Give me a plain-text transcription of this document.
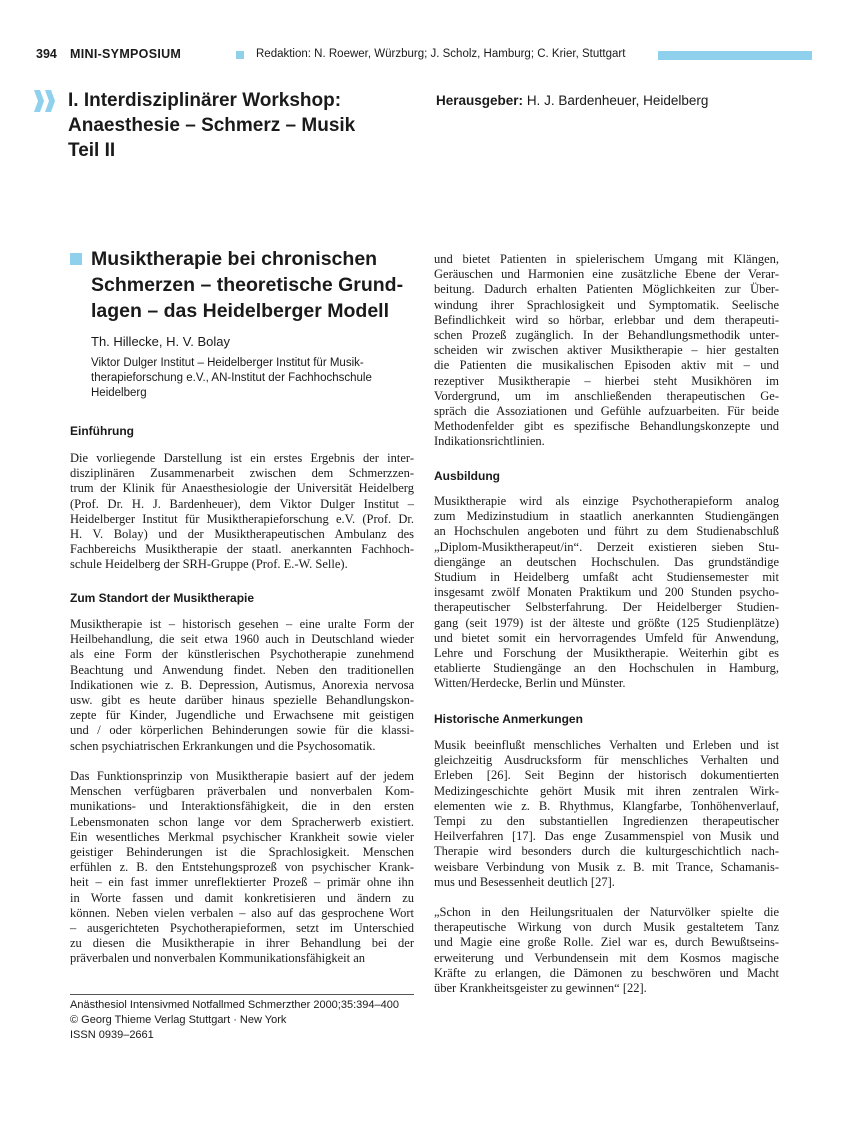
394 MINI-SYMPOSIUM	Redaktion: N. Roewer, Würzburg; J. Scholz, Hamburg; C. Krier, Stuttgart
I. Interdisziplinärer Workshop:
Anaesthesie – Schmerz – Musik
Teil II
Herausgeber: H. J. Bardenheuer, Heidelberg
Musiktherapie bei chronischen
Schmerzen – theoretische Grund-
lagen – das Heidelberger Modell
Th. Hillecke, H. V. Bolay
Viktor Dulger Institut – Heidelberger Institut für Musik-
therapieforschung e.V., AN-Institut der Fachhochschule
Heidelberg

Einführung

Die vorliegende Darstellung ist ein erstes Ergebnis der inter-
disziplinären Zusammenarbeit zwischen dem Schmerzzen-
trum der Klinik für Anaesthesiologie der Universität Heidelberg
(Prof. Dr. H. J. Bardenheuer), dem Viktor Dulger Institut –
Heidelberger Institut für Musiktherapieforschung e.V. (Prof. Dr.
H. V. Bolay) und der Musiktherapeutischen Ambulanz des
Fachbereichs Musiktherapie der staatl. anerkannten Fachhoch-
schule Heidelberg der SRH-Gruppe (Prof. E.-W. Selle).

Zum Standort der Musiktherapie

Musiktherapie ist – historisch gesehen – eine uralte Form der
Heilbehandlung, die seit etwa 1960 auch in Deutschland wieder
als eine Form der künstlerischen Psychotherapie zunehmend
Beachtung und Anwendung findet. Neben den traditionellen
Indikationen wie z. B. Depression, Autismus, Anorexia nervosa
usw. gibt es heute darüber hinaus spezielle Behandlungskon-
zepte für Kinder, Jugendliche und Erwachsene mit geistigen
und / oder körperlichen Behinderungen sowie für die klassi-
schen psychiatrischen Erkrankungen und die Psychosomatik.
Das Funktionsprinzip von Musiktherapie basiert auf der jedem
Menschen verfügbaren präverbalen und nonverbalen Kom-
munikations- und Interaktionsfähigkeit, die in den ersten
Lebensmonaten schon lange vor dem Spracherwerb existiert.
Ein wesentliches Merkmal psychischer Krankheit sowie vieler
geistiger Behinderungen ist die Sprachlosigkeit. Menschen
erfühlen z. B. den Entstehungsprozeß von psychischer Krank-
heit – ein fast immer unreflektierter Prozeß – primär ohne ihn
in Worte fassen und damit konkretisieren und ändern zu
können. Neben vielen verbalen – also auf das gesprochene Wort
– ausgerichteten Psychotherapieformen, setzt im Unterschied
zu diesen die Musiktherapie in ihrer Behandlung bei der
präverbalen und nonverbalen Kommunikationsfähigkeit an
Anästhesiol Intensivmed Notfallmed Schmerzther 2000;35:394–400
© Georg Thieme Verlag Stuttgart · New York
ISSN 0939–2661
und bietet Patienten in spielerischem Umgang mit Klängen,
Geräuschen und Harmonien eine zusätzliche Ebene der Verar-
beitung. Dadurch erhalten Patienten Möglichkeiten zur Über-
windung ihrer Sprachlosigkeit und Symptomatik. Seelische
Befindlichkeit wird so hörbar, erlebbar und dem therapeuti-
schen Prozeß zugänglich. In der Behandlungsmethodik unter-
scheiden wir zwischen aktiver Musiktherapie – hier gestalten
die Patienten die musikalischen Episoden aktiv mit – und
rezeptiver Musiktherapie – hierbei steht Musikhören im
Vordergrund, um im anschließenden therapeutischen Ge-
spräch die Assoziationen und Gefühle aufzuarbeiten. Für beide
Methodenfelder gibt es spezifische Behandlungskonzepte und
Indikationsrichtlinien.

Ausbildung

Musiktherapie wird als einzige Psychotherapieform analog
zum Medizinstudium in staatlich anerkannten Studiengängen
an Hochschulen angeboten und führt zu dem Studienabschluß
„Diplom-Musiktherapeut/in“. Derzeit existieren sieben Stu-
diengänge an deutschen Hochschulen. Das grundständige
Studium in Heidelberg umfaßt acht Studiensemester mit
insgesamt zwölf Monaten Praktikum und 200 Stunden psycho-
therapeutischer Selbsterfahrung. Der Heidelberger Studien-
gang (seit 1979) ist der älteste und größte (125 Studienplätze)
und bietet somit ein hervorragendes Umfeld für Anwendung,
Lehre und Forschung der Musiktherapie. Weiterhin gibt es
etablierte Studiengänge an den Hochschulen in Hamburg,
Witten/Herdecke, Berlin und Münster.

Historische Anmerkungen

Musik beeinflußt menschliches Verhalten und Erleben und ist
gleichzeitig Ausdrucksform für menschliches Verhalten und
Erleben [26]. Seit Beginn der historisch dokumentierten
Medizingeschichte gehört Musik mit ihren zentralen Wirk-
elementen wie z. B. Rhythmus, Klangfarbe, Tonhöhenverlauf,
Tempi zu den substantiellen Ingredienzen therapeutischer
Heilverfahren [17]. Das enge Zusammenspiel von Musik und
Therapie wird besonders durch die kulturgeschichtlich nach-
weisbare Verbindung von Musik z. B. mit Trance, Schamanis-
mus und Besessenheit deutlich [27].
„Schon in den Heilungsritualen der Naturvölker spielte die
therapeutische Wirkung von durch Musik gestaltetem Tanz
und Magie eine große Rolle. Ziel war es, durch Bewußtseins-
erweiterung und Verbundensein mit dem Kosmos magische
Kräfte zu erlangen, die Dämonen zu beschwören und Macht
über Krankheitsgeister zu gewinnen“ [22].
